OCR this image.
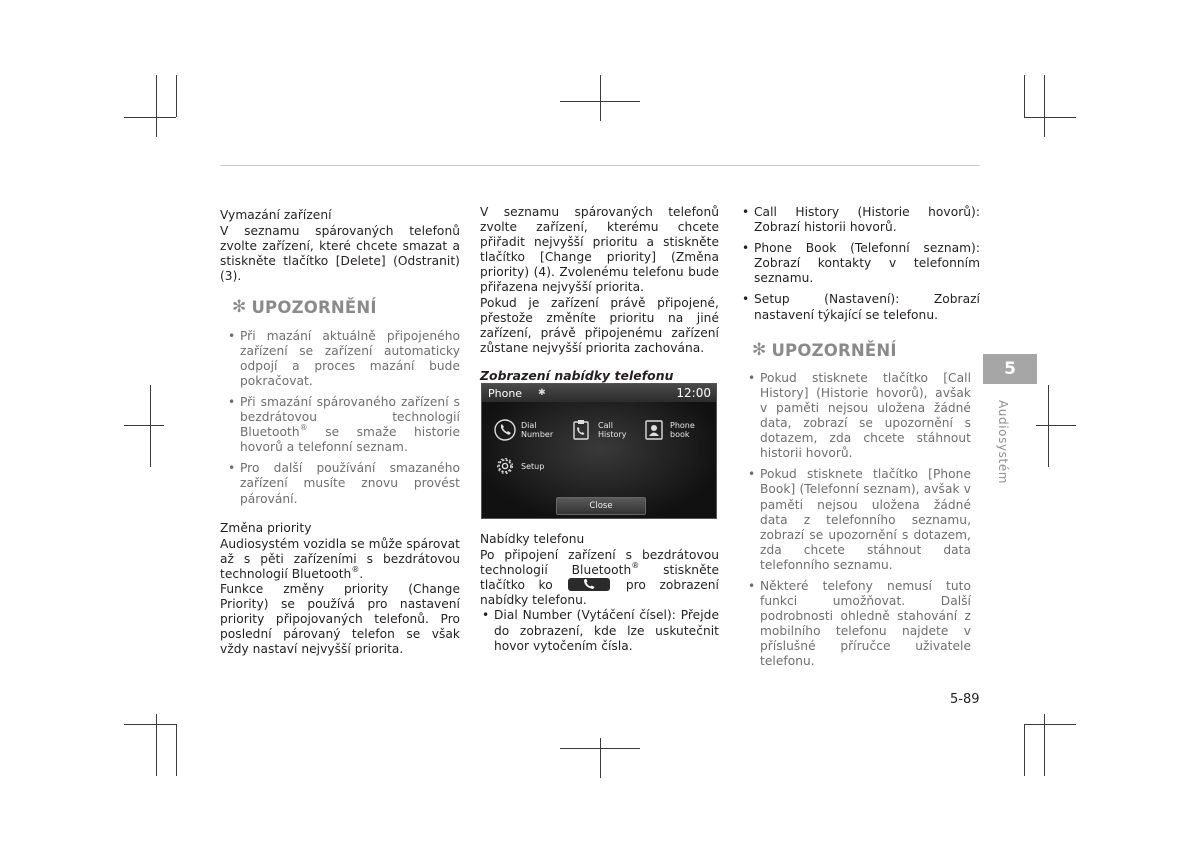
Vymazání zařízení

V seznamu spárovaných telefonů zvolte zařízení, které chcete smazat a stiskněte tlačítko [Delete] (Odstranit) (3).

✻ UPOZORNĚNÍ
• Při mazání aktuálně připojeného zařízení se zařízení automaticky odpojí a proces mazání bude pokračovat.
• Při smazání spárovaného zařízení s bezdrátovou technologií Bluetooth® se smaže historie hovorů a telefonní seznam.
• Pro další používání smazaného zařízení musíte znovu provést párování.
Změna priority

Audiosystém vozidla se může spárovat až s pěti zařízeními s bezdrátovou technologií Bluetooth®.

Funkce změny priority (Change Priority) se používá pro nastavení priority připojovaných telefonů. Pro poslední párovaný telefon se však vždy nastaví nejvyšší priorita.

V seznamu spárovaných telefonů zvolte zařízení, kterému chcete přiřadit nejvyšší prioritu a stiskněte tlačítko [Change priority] (Změna priority) (4). Zvolenému telefonu bude přiřazena nejvyšší priorita.

Pokud je zařízení právě připojené, přestože změníte prioritu na jiné zařízení, právě připojenému zařízení zůstane nejvyšší priorita zachována.

Zobrazení nabídky telefonu
Phone ✱	12:00
Dial
Number
Call
History
Phone
book
Setup
Close
Nabídky telefonu

Po připojení zařízení s bezdrátovou technologií Bluetooth® stiskněte tlačítko ko	pro zobrazení nabídky telefonu.

• Dial Number (Vytáčení čísel): Přejde do zobrazení, kde lze uskutečnit hovor vytočením čísla.
• Call History (Historie hovorů): Zobrazí historii hovorů.
• Phone Book (Telefonní seznam): Zobrazí kontakty v telefonním seznamu.
• Setup (Nastavení): Zobrazí nastavení týkající se telefonu.
✻ UPOZORNĚNÍ
• Pokud stisknete tlačítko [Call History] (Historie hovorů), avšak v paměti nejsou uložena žádné data, zobrazí se upozornění s dotazem, zda chcete stáhnout historii hovorů.
• Pokud stisknete tlačítko [Phone Book] (Telefonní seznam), avšak v paměti nejsou uložena žádné data z telefonního seznamu, zobrazí se upozornění s dotazem, zda chcete stáhnout data telefonního seznamu.
• Některé telefony nemusí tuto funkci umožňovat. Další podrobnosti ohledně stahování z mobilního telefonu najdete v příslušné příručce uživatele telefonu.
5
Audiosystém
5-89
